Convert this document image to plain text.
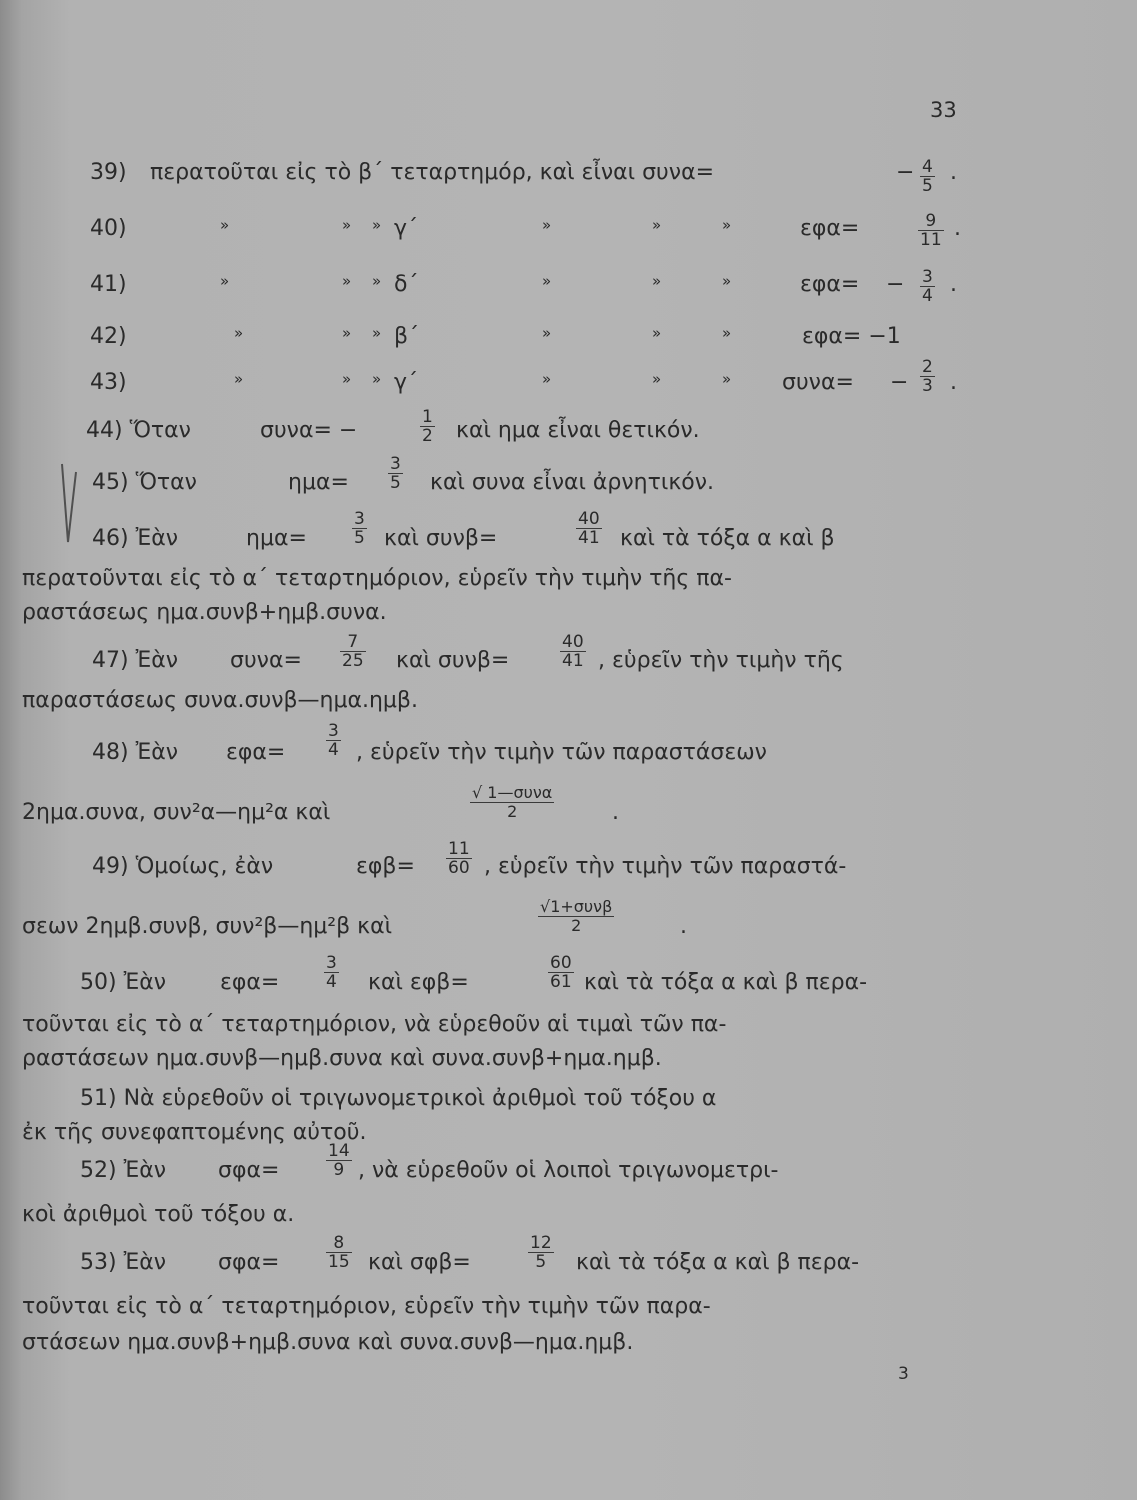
33
39) περατοῦται εἰς τὸ β΄ τεταρτημόρ, καὶ εἶναι συνα=	− $\frac{4}{5}$ .
40)	»	» » γ΄	»	»	»	εφα=	$\frac{9}{11}$ .
41)	»	» » δ΄	»	»	»	$\varepsilon\varphi\alpha= - \frac{3}{4}$ .
42)	»	» » β΄	»	»	»	εφα= −1
43)	»	» » γ΄	»	»	» $\sigma\upsilon\nu\alpha= - \frac{2}{3}$ .
44) Ὅταν	συνα= −	$\frac{1}{2}$ καὶ ημα εἶναι θετικόν.
45) Ὅταν	$\eta\mu\alpha= \frac{3}{5}$ καὶ συνα εἶναι ἀρνητικόν.
46) Ἐὰν	ημα=	$\frac{3}{5}$ καὶ συνβ=	$\frac{40}{41}$ καὶ τὰ τόξα α καὶ β
περατοῦνται εἰς τὸ α΄ τεταρτημόριον, εὑρεῖν τὴν τιμὴν τῆς πα-
ραστάσεως ημα.συνβ+ημβ.συνα.
47) Ἐὰν $\sigma\upsilon\nu\alpha= \frac{7}{25}$ καὶ συνβ=	$\frac{40}{41}$ , εὑρεῖν τὴν τιμὴν τῆς
παραστάσεως συνα.συνβ—ημα.ημβ.
48) Ἐὰν $\varepsilon\varphi\alpha= \frac{3}{4}$ , εὑρεῖν τὴν τιμὴν τῶν παραστάσεων
2ημα.συνα, συν²α—ημ²α καὶ
√ 1—συνα
2	.
49) Ὁμοίως, ἐὰν	$\varepsilon\varphi\beta= \frac{11}{60}$ , εὑρεῖν τὴν τιμὴν τῶν παραστά-
σεων 2ημβ.συνβ, συν²β—ημ²β καὶ
√1+συνβ
2	.
50) Ἐὰν εφα=	$\frac{3}{4}$ καὶ εφβ=	$\frac{60}{61}$ καὶ τὰ τόξα α καὶ β περα-
τοῦνται εἰς τὸ α΄ τεταρτημόριον, νὰ εὑρεθοῦν αἱ τιμαὶ τῶν πα-
ραστάσεων ημα.συνβ—ημβ.συνα καὶ συνα.συνβ+ημα.ημβ.
51) Νὰ εὑρεθοῦν οἱ τριγωνομετρικοὶ ἀριθμοὶ τοῦ τόξου α
ἐκ τῆς συνεφαπτομένης αὐτοῦ.
52) Ἐὰν σφα=	$\frac{14}{9}$ , νὰ εὑρεθοῦν οἱ λοιποὶ τριγωνομετρι-
κοὶ ἀριθμοὶ τοῦ τόξου α.
53) Ἐὰν σφα=	$\frac{8}{15}$ καὶ σφβ=	$\frac{12}{5}$ καὶ τὰ τόξα α καὶ β περα-
τοῦνται εἰς τὸ α΄ τεταρτημόριον, εὑρεῖν τὴν τιμὴν τῶν παρα-
στάσεων ημα.συνβ+ημβ.συνα καὶ συνα.συνβ—ημα.ημβ.
3
